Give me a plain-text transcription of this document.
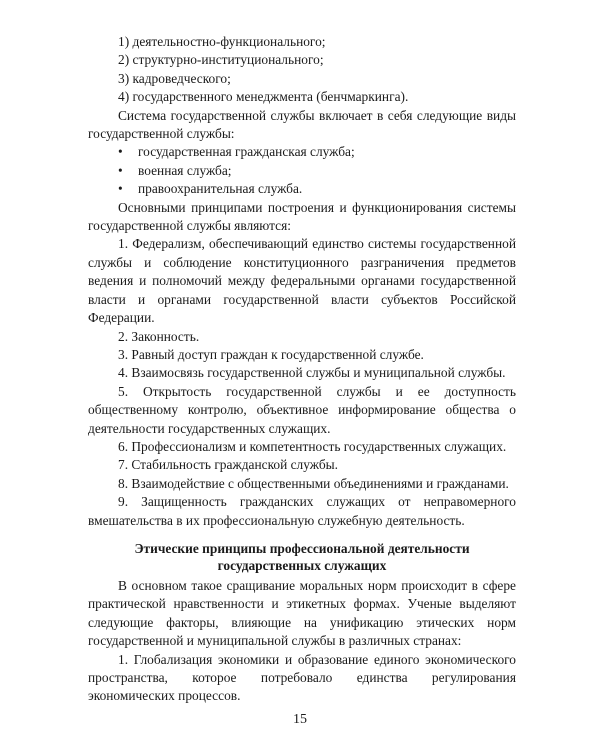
1) деятельностно-функционального;
2) структурно-институционального;
3) кадроведческого;
4) государственного менеджмента (бенчмаркинга).

Система государственной службы включает в себя следующие виды государственной службы:

• государственная гражданская служба;
• военная служба;
• правоохранительная служба.

Основными принципами построения и функционирования системы государственной службы являются:

1. Федерализм, обеспечивающий единство системы государственной службы и соблюдение конституционного разграничения предметов ведения и полномочий между федеральными органами государственной власти и органами государственной власти субъектов Российской Федерации.

2. Законность.

3. Равный доступ граждан к государственной службе.

4. Взаимосвязь государственной службы и муниципальной службы.

5. Открытость государственной службы и ее доступность общественному контролю, объективное информирование общества о деятельности государственных служащих.

6. Профессионализм и компетентность государственных служащих.

7. Стабильность гражданской службы.

8. Взаимодействие с общественными объединениями и гражданами.

9. Защищенность гражданских служащих от неправомерного вмешательства в их профессиональную служебную деятельность.

Этические принципы профессиональной деятельности государственных служащих

В основном такое сращивание моральных норм происходит в сфере практической нравственности и этикетных формах. Ученые выделяют следующие факторы, влияющие на унификацию этических норм государственной и муниципальной службы в различных странах:

1. Глобализация экономики и образование единого экономического пространства, которое потребовало единства регулирования экономических процессов.

15
